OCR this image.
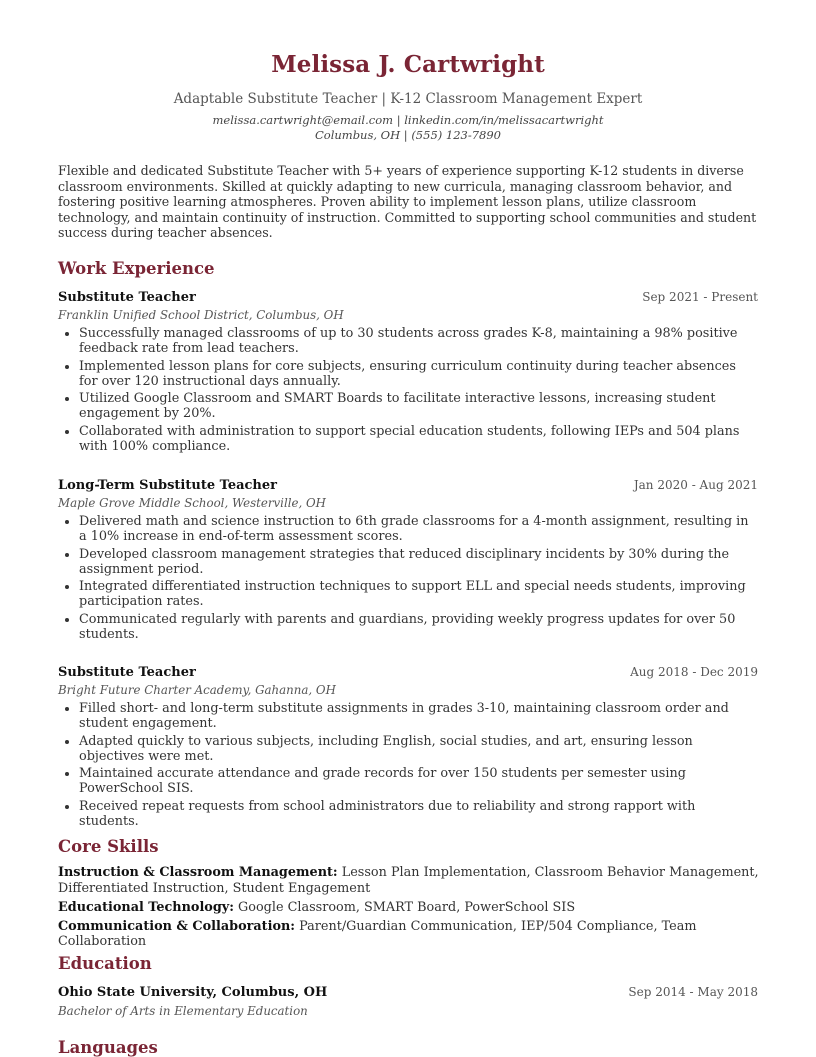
Melissa J. Cartwright
Adaptable Substitute Teacher | K-12 Classroom Management Expert
melissa.cartwright@email.com | linkedin.com/in/melissacartwright
Columbus, OH | (555) 123-7890
Flexible and dedicated Substitute Teacher with 5+ years of experience supporting K-12 students in diverse classroom environments. Skilled at quickly adapting to new curricula, managing classroom behavior, and fostering positive learning atmospheres. Proven ability to implement lesson plans, utilize classroom technology, and maintain continuity of instruction. Committed to supporting school communities and student success during teacher absences.
Work Experience
Substitute Teacher	Sep 2021 - Present
Franklin Unified School District, Columbus, OH
• Successfully managed classrooms of up to 30 students across grades K-8, maintaining a 98% positive feedback rate from lead teachers.
• Implemented lesson plans for core subjects, ensuring curriculum continuity during teacher absences for over 120 instructional days annually.
• Utilized Google Classroom and SMART Boards to facilitate interactive lessons, increasing student engagement by 20%.
• Collaborated with administration to support special education students, following IEPs and 504 plans with 100% compliance.
Long-Term Substitute Teacher	Jan 2020 - Aug 2021
Maple Grove Middle School, Westerville, OH
• Delivered math and science instruction to 6th grade classrooms for a 4-month assignment, resulting in a 10% increase in end-of-term assessment scores.
• Developed classroom management strategies that reduced disciplinary incidents by 30% during the assignment period.
• Integrated differentiated instruction techniques to support ELL and special needs students, improving participation rates.
• Communicated regularly with parents and guardians, providing weekly progress updates for over 50 students.
Substitute Teacher	Aug 2018 - Dec 2019
Bright Future Charter Academy, Gahanna, OH
• Filled short- and long-term substitute assignments in grades 3-10, maintaining classroom order and student engagement.
• Adapted quickly to various subjects, including English, social studies, and art, ensuring lesson objectives were met.
• Maintained accurate attendance and grade records for over 150 students per semester using PowerSchool SIS.
• Received repeat requests from school administrators due to reliability and strong rapport with students.
Core Skills
Instruction & Classroom Management: Lesson Plan Implementation, Classroom Behavior Management, Differentiated Instruction, Student Engagement
Educational Technology: Google Classroom, SMART Board, PowerSchool SIS
Communication & Collaboration: Parent/Guardian Communication, IEP/504 Compliance, Team Collaboration
Education
Ohio State University, Columbus, OH	Sep 2014 - May 2018
Bachelor of Arts in Elementary Education
Languages
